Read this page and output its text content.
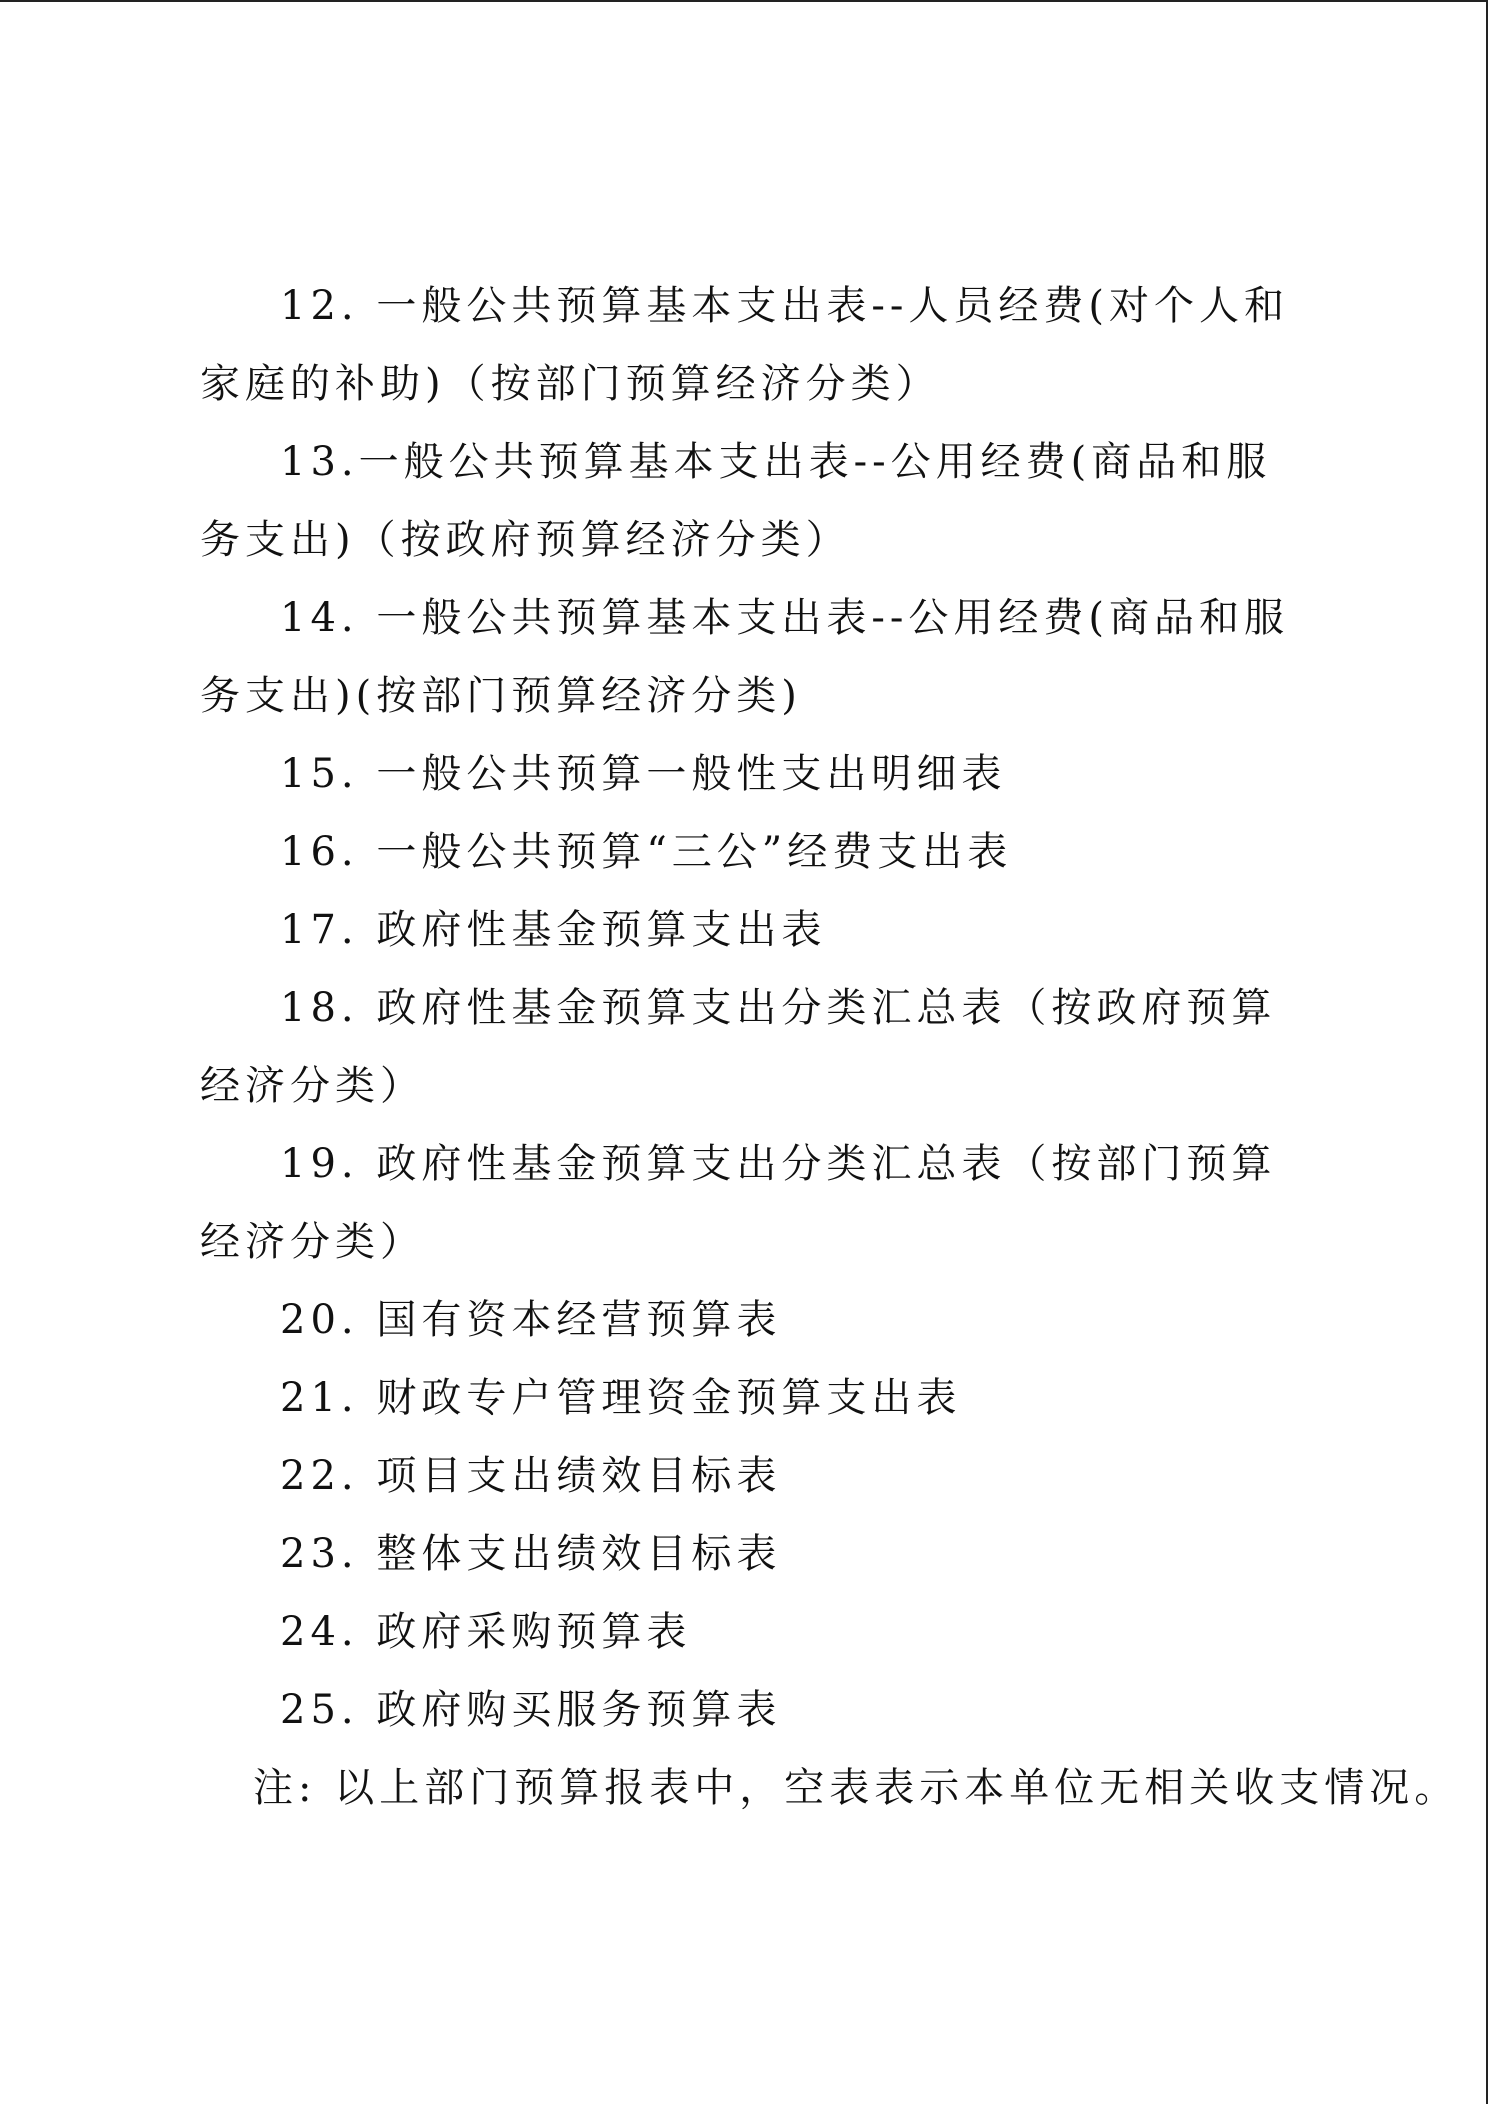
12. 一般公共预算基本支出表--人员经费(对个人和家庭的补助)（按部门预算经济分类）
13.一般公共预算基本支出表--公用经费(商品和服务支出)（按政府预算经济分类）
14. 一般公共预算基本支出表--公用经费(商品和服务支出)(按部门预算经济分类)
15. 一般公共预算一般性支出明细表
16. 一般公共预算“三公”经费支出表
17. 政府性基金预算支出表
18. 政府性基金预算支出分类汇总表（按政府预算经济分类）
19. 政府性基金预算支出分类汇总表（按部门预算经济分类）
20. 国有资本经营预算表
21. 财政专户管理资金预算支出表
22. 项目支出绩效目标表
23. 整体支出绩效目标表
24. 政府采购预算表
25. 政府购买服务预算表
注: 以上部门预算报表中，空表表示本单位无相关收支情况。
